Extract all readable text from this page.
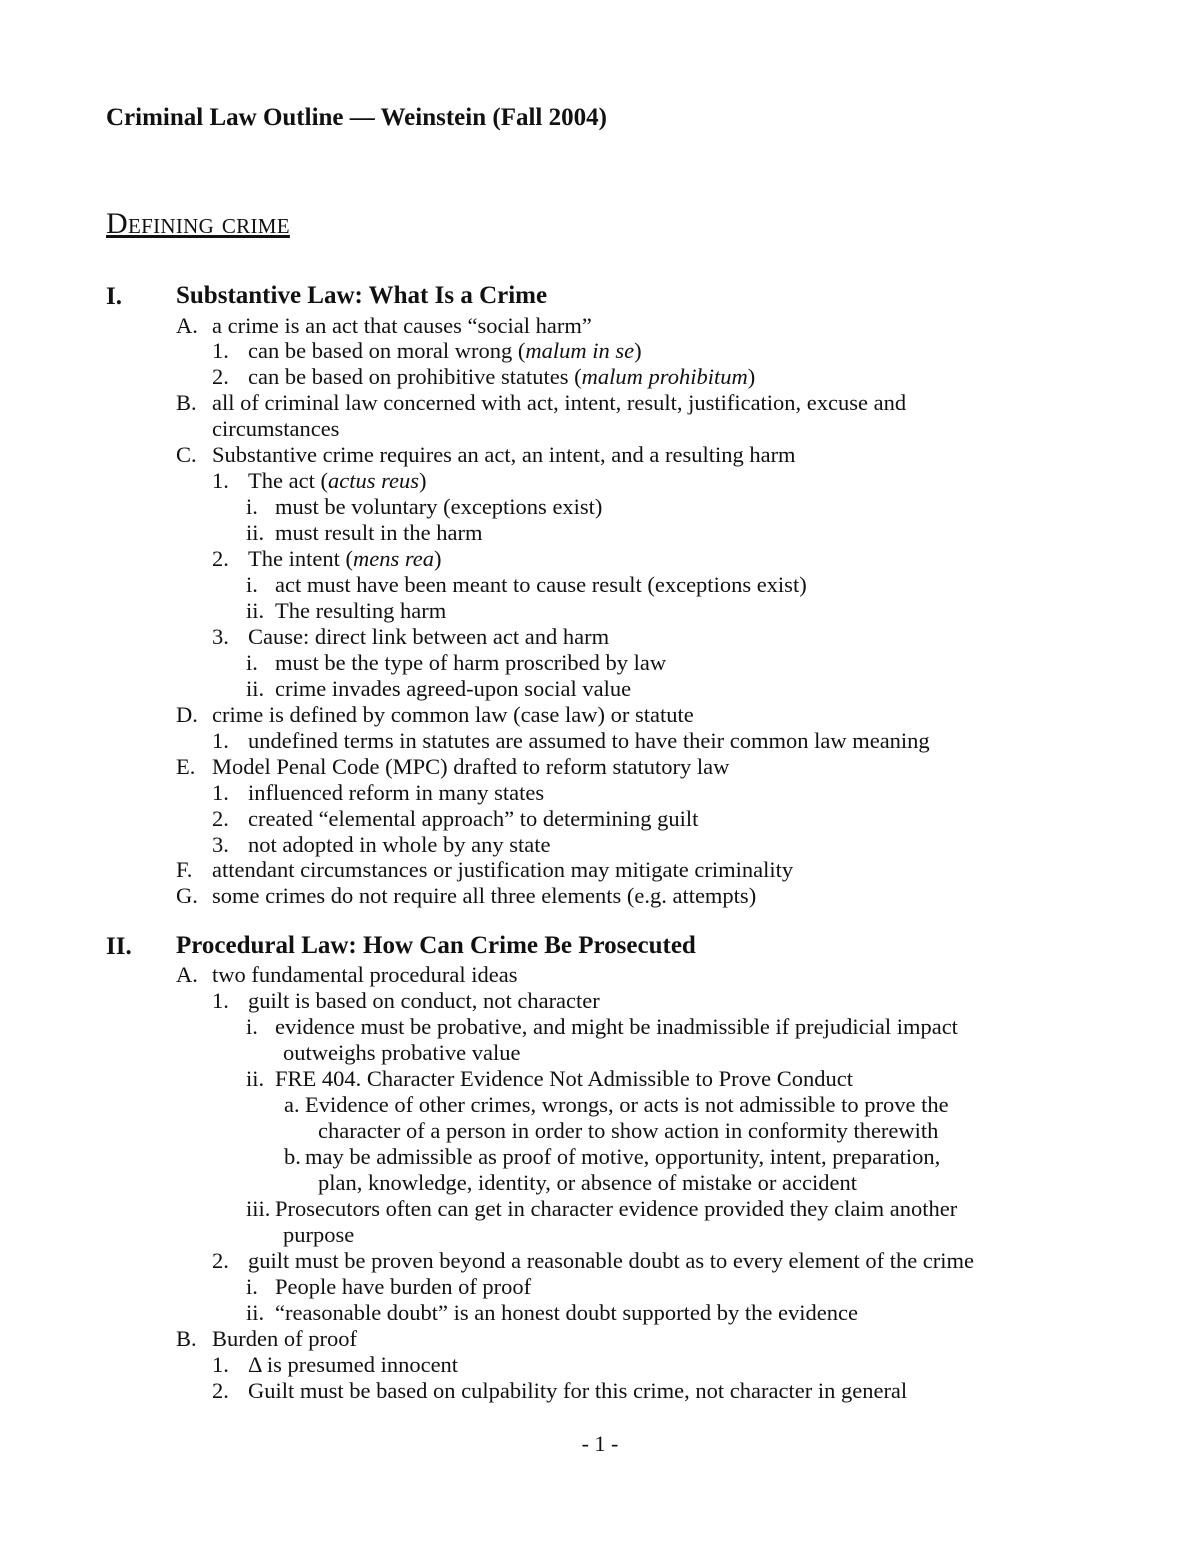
Criminal Law Outline — Weinstein (Fall 2004)
Defining crime
I. Substantive Law: What Is a Crime
A. a crime is an act that causes “social harm”
1. can be based on moral wrong (malum in se)
2. can be based on prohibitive statutes (malum prohibitum)
B. all of criminal law concerned with act, intent, result, justification, excuse and
circumstances
C. Substantive crime requires an act, an intent, and a resulting harm
1. The act (actus reus)
i. must be voluntary (exceptions exist)
ii. must result in the harm
2. The intent (mens rea)
i. act must have been meant to cause result (exceptions exist)
ii. The resulting harm
3. Cause: direct link between act and harm
i. must be the type of harm proscribed by law
ii. crime invades agreed-upon social value
D. crime is defined by common law (case law) or statute
1. undefined terms in statutes are assumed to have their common law meaning
E. Model Penal Code (MPC) drafted to reform statutory law
1. influenced reform in many states
2. created “elemental approach” to determining guilt
3. not adopted in whole by any state
F. attendant circumstances or justification may mitigate criminality
G. some crimes do not require all three elements (e.g. attempts)
II. Procedural Law: How Can Crime Be Prosecuted
A. two fundamental procedural ideas
1. guilt is based on conduct, not character
i. evidence must be probative, and might be inadmissible if prejudicial impact
outweighs probative value
ii. FRE 404. Character Evidence Not Admissible to Prove Conduct
a. Evidence of other crimes, wrongs, or acts is not admissible to prove the
character of a person in order to show action in conformity therewith
b. may be admissible as proof of motive, opportunity, intent, preparation,
plan, knowledge, identity, or absence of mistake or accident
iii. Prosecutors often can get in character evidence provided they claim another
purpose
2. guilt must be proven beyond a reasonable doubt as to every element of the crime
i. People have burden of proof
ii. “reasonable doubt” is an honest doubt supported by the evidence
B. Burden of proof
1. Δ is presumed innocent
2. Guilt must be based on culpability for this crime, not character in general
- 1 -
